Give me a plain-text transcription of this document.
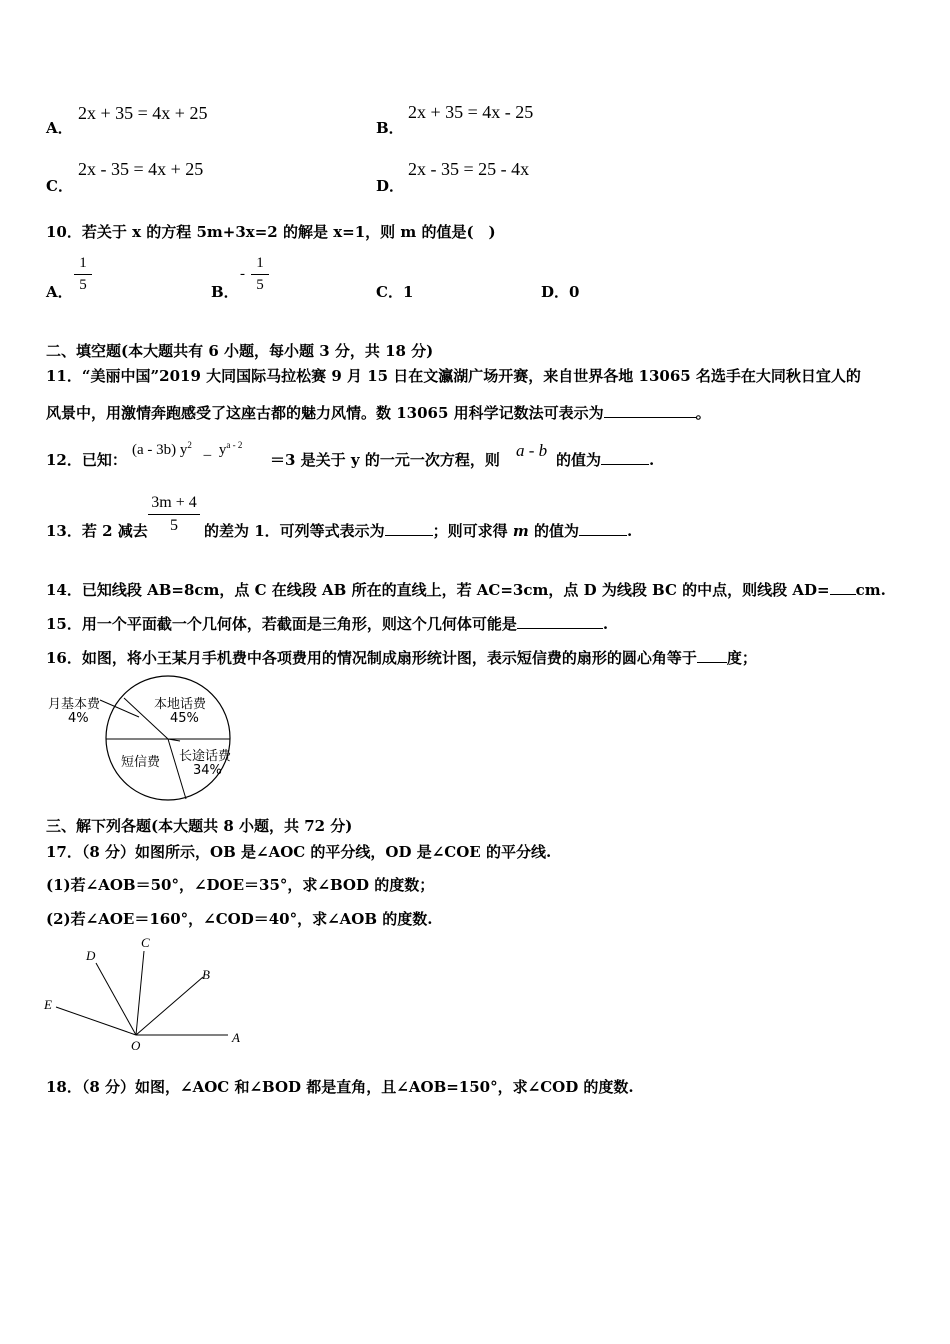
A．
2x + 35 = 4x + 25
B．
2x + 35 = 4x - 25
C．
2x - 35 = 4x + 25
D．
2x - 35 = 25 - 4x
10．若关于 x 的方程 5m+3x=2 的解是 x=1，则 m 的值是(　)
A．
1
5	B．
-
1
5	C．1	D．0
二、填空题(本大题共有 6 小题，每小题 3 分，共 18 分)
11．“美丽中国”2019 大同国际马拉松赛 9 月 15 日在文瀛湖广场开赛，来自世界各地 13065 名选手在大同秋日宜人的
风景中，用激情奔跑感受了这座古都的魅力风情。数 13065 用科学记数法可表示为	。
12．已知：
(a - 3b) $y^2$ _ $y^{a - 2}$
＝3 是关于 y 的一元一次方程，则 a - b 的值为	.
13．若 2 减去
3m + 4
5	的差为 1．可列等式表示为	；则可求得 m 的值为	.
14．已知线段 AB=8cm，点 C 在线段 AB 所在的直线上，若 AC=3cm，点 D 为线段 BC 的中点，则线段 AD= cm.
15．用一个平面截一个几何体，若截面是三角形，则这个几何体可能是	.
16．如图，将小王某月手机费中各项费用的情况制成扇形统计图，表示短信费的扇形的圆心角等于 度；
月基本费
4%
本地话费
45%
短信费 长途话费
34%
三、解下列各题(本大题共 8 小题，共 72 分)
17．（8 分）如图所示，OB 是∠AOC 的平分线，OD 是∠COE 的平分线.
(1)若∠AOB＝50°，∠DOE＝35°，求∠BOD 的度数；
(2)若∠AOE＝160°，∠COD＝40°，求∠AOB 的度数.
C
D
B
E
O
A
18．（8 分）如图，∠AOC 和∠BOD 都是直角，且∠AOB=150°，求∠COD 的度数.
